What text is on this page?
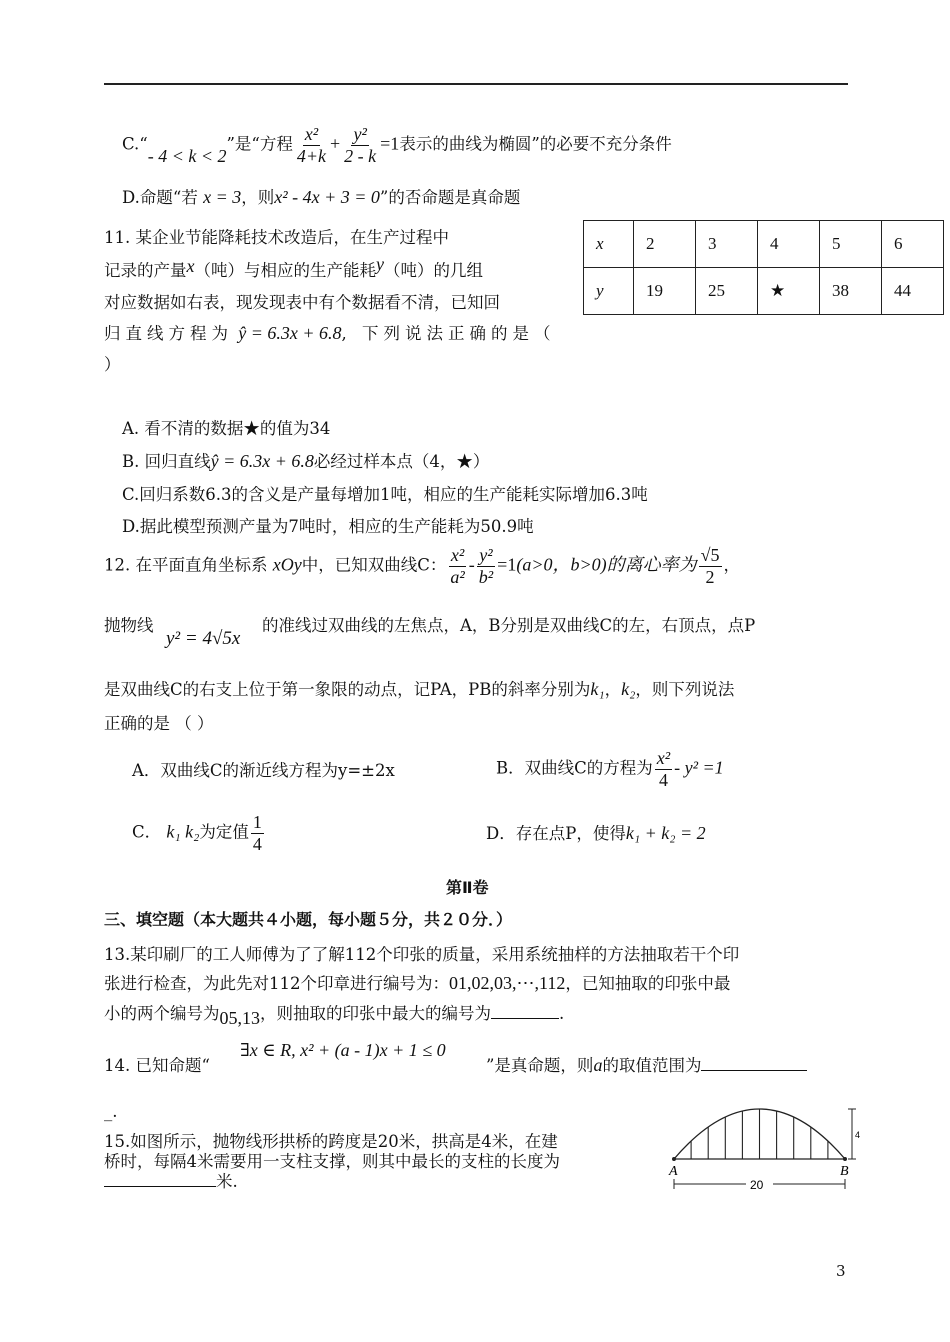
C.“- 4 < k < 2”是“方程 $\frac{\text{x²}}{4+k} + \frac{\text{y²}}{2 - k} =1$表示的曲线为椭圆”的必要不充分条件
D.命题“若 x = 3，则x² - 4x + 3 = 0”的否命题是真命题
11. 某企业节能降耗技术改造后，在生产过程中
记录的产量x（吨）与相应的生产能耗y（吨）的几组
对应数据如右表，现发现表中有个数据看不清，已知回
归直线方程为 ŷ = 6.3x + 6.8, 下列说法正确的是（
）
x	2	3	4	5	6
y	19	25	★	38	44
A. 看不清的数据★的值为34
B. 回归直线ŷ = 6.3x + 6.8必经过样本点（4，★）
C.回归系数6.3的含义是产量每增加1吨，相应的生产能耗实际增加6.3吨
D.据此模型预测产量为7吨时，相应的生产能耗为50.9吨
12. 在平面直角坐标系 xOy中，已知双曲线C： $\frac{\text{x²}}{\text{a²}} - \frac{\text{y²}}{\text{b²}} =1(a>0$，b>0)的离心率为 $\frac{√5}{2}$ ，
抛物线
y² = 4√5x
的准线过双曲线的左焦点，A，B分别是双曲线C的左，右顶点，点P
是双曲线C的右支上位于第一象限的动点，记PA，PB的斜率分别为k₁，k₂，则下列说法
正确的是 （ ）
A．双曲线C的渐近线方程为y=±2x	B．双曲线C的方程为 $\frac{\text{x²}}{4} - y^2 =1$
C． k₁ k₂为定值 $\frac{1}{4}$	D．存在点P，使得k₁ + k₂ = 2
第Ⅱ卷
三、填空题（本大题共４小题，每小题５分，共２０分．）
13.某印刷厂的工人师傅为了了解112个印张的质量，采用系统抽样的方法抽取若干个印
张进行检查，为此先对112个印章进行编号为：01,02,03,⋯,112，已知抽取的印张中最
小的两个编号为05,13，则抽取的印张中最大的编号为	.
14. 已知命题“
∃x ∈ R, x² + (a - 1)x + 1 ≤ 0
”是真命题，则a的取值范围为
_.
15.如图所示，抛物线形拱桥的跨度是20米，拱高是4米，在建
桥时，每隔4米需要用一支柱支撑，则其中最长的支柱的长度为
米.
4
20
A	B
3
